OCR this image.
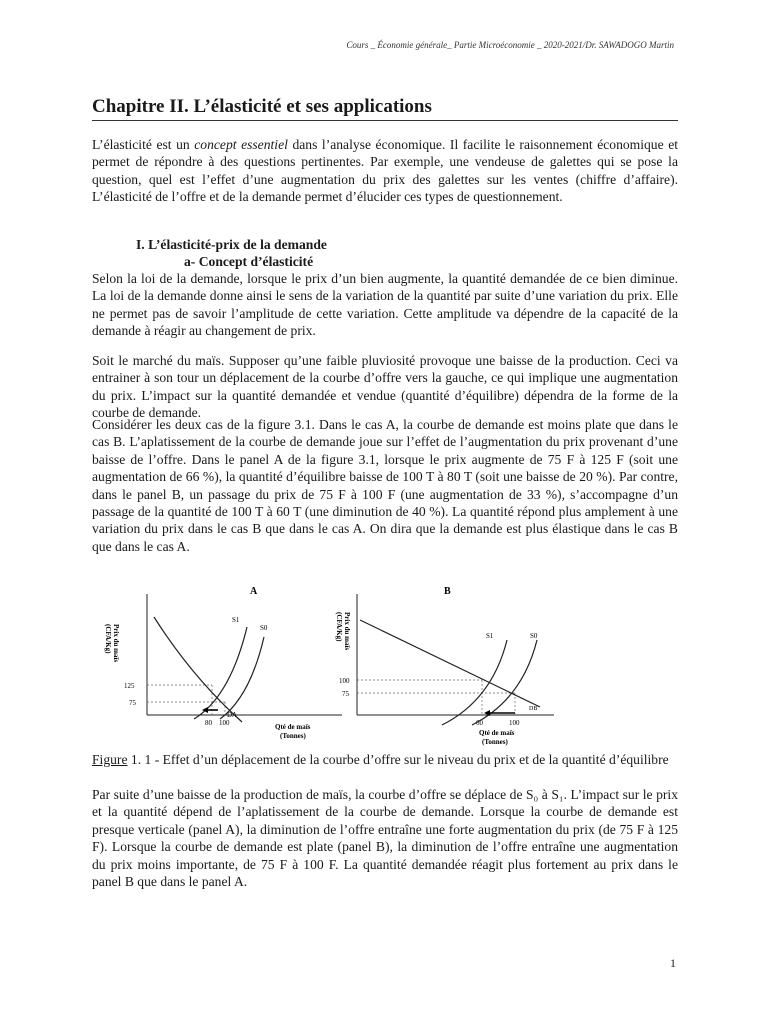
Cours _ Économie générale_ Partie Microéconomie _ 2020-2021/Dr. SAWADOGO Martin
Chapitre II. L’élasticité et ses applications

L’élasticité est un concept essentiel dans l’analyse économique. Il facilite le raisonnement économique et permet de répondre à des questions pertinentes. Par exemple, une vendeuse de galettes qui se pose la question, quel est l’effet d’une augmentation du prix des galettes sur les ventes (chiffre d’affaire). L’élasticité de l’offre et de la demande permet d’élucider ces types de questionnement.

I. L’élasticité-prix de la demande
a- Concept d’élasticité

Selon la loi de la demande, lorsque le prix d’un bien augmente, la quantité demandée de ce bien diminue. La loi de la demande donne ainsi le sens de la variation de la quantité par suite d’une variation du prix. Elle ne permet pas de savoir l’amplitude de cette variation. Cette amplitude va dépendre de la capacité de la demande à réagir au changement de prix.

Soit le marché du maïs. Supposer qu’une faible pluviosité provoque une baisse de la production. Ceci va entrainer à son tour un déplacement de la courbe d’offre vers la gauche, ce qui implique une augmentation du prix. L’impact sur la quantité demandée et vendue (quantité d’équilibre) dépendra de la forme de la courbe de demande.

Considérer les deux cas de la figure 3.1. Dans le cas A, la courbe de demande est moins plate que dans le cas B. L’aplatissement de la courbe de demande joue sur l’effet de l’augmentation du prix provenant d’une baisse de l’offre. Dans le panel A de la figure 3.1, lorsque le prix augmente de 75 F à 125 F (soit une augmentation de 66 %), la quantité d’équilibre baisse de 100 T à 80 T (soit une baisse de 20 %). Par contre, dans le panel B, un passage du prix de 75 F à 100 F (une augmentation de 33 %), s’accompagne d’un passage de la quantité de 100 T à 60 T (une diminution de 40 %). La quantité répond plus amplement à une variation du prix dans le cas B que dans le cas A. On dira que la demande est plus élastique dans le cas B que dans le cas A.

A
Prix du maïs
(CFA/Kg)
125
75
80 100
S1
S0
DA
Qté de maïs
(Tonnes)
B
Prix du maïs
(CFA/Kg)
100
75
60	100
S1	S0
DB
Qté de maïs
(Tonnes)

Figure 1. 1 - Effet d’un déplacement de la courbe d’offre sur le niveau du prix et de la quantité d’équilibre

Par suite d’une baisse de la production de maïs, la courbe d’offre se déplace de S₀ à S₁. L’impact sur le prix et la quantité dépend de l’aplatissement de la courbe de demande. Lorsque la courbe de demande est presque verticale (panel A), la diminution de l’offre entraîne une forte augmentation du prix (de 75 F à 125 F). Lorsque la courbe de demande est plate (panel B), la diminution de l’offre entraîne une augmentation du prix moins importante, de 75 F à 100 F. La quantité demandée réagit plus fortement au prix dans le panel B que dans le panel A.

1
